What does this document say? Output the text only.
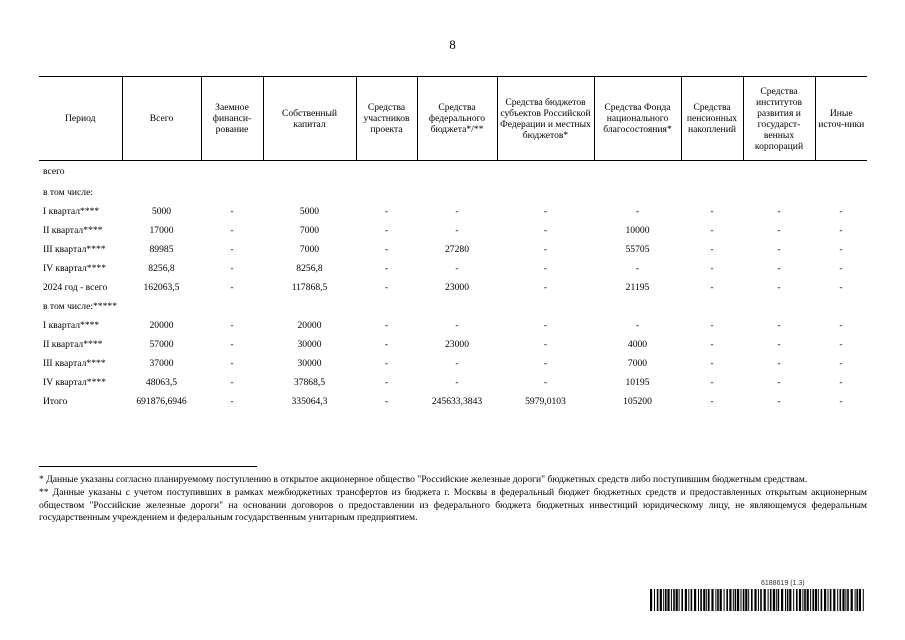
8
Период	Всего	Заемное финанси-рование	Собственный капитал	Средства участников проекта	Средства федерального бюджета*/**	Средства бюджетов субъектов Российской Федерации и местных бюджетов*	Средства Фонда национального благосостояния*	Средства пенсионных накоплений	Средства институтов развития и государст-венных корпораций	Иные источ-ники
всего										
в том числе:										
I квартал****	5000	-	5000	-	-	-	-	-	-	-
II квартал****	17000	-	7000	-	-	-	10000	-	-	-
III квартал****	89985	-	7000	-	27280	-	55705	-	-	-
IV квартал****	8256,8	-	8256,8	-	-	-	-	-	-	-
2024 год - всего	162063,5	-	117868,5	-	23000	-	21195	-	-	-
в том числе:*****										
I квартал****	20000	-	20000	-	-	-	-	-	-	-
II квартал****	57000	-	30000	-	23000	-	4000	-	-	-
III квартал****	37000	-	30000	-	-	-	7000	-	-	-
IV квартал****	48063,5	-	37868,5	-	-	-	10195	-	-	-
Итого	691876,6946	-	335064,3	-	245633,3843	5979,0103	105200	-	-	-

* Данные указаны согласно планируемому поступлению в открытое акционерное общество "Российские железные дороги" бюджетных средств либо поступившим бюджетным средствам.

** Данные указаны с учетом поступивших в рамках межбюджетных трансфертов из бюджета г. Москвы в федеральный бюджет бюджетных средств и предоставленных открытым акционерным обществом "Российские железные дороги" на основании договоров о предоставлении из федерального бюджета бюджетных инвестиций юридическому лицу, не являющемуся федеральным государственным учреждением и федеральным государственным унитарным предприятием.

6188619 (1.3)
